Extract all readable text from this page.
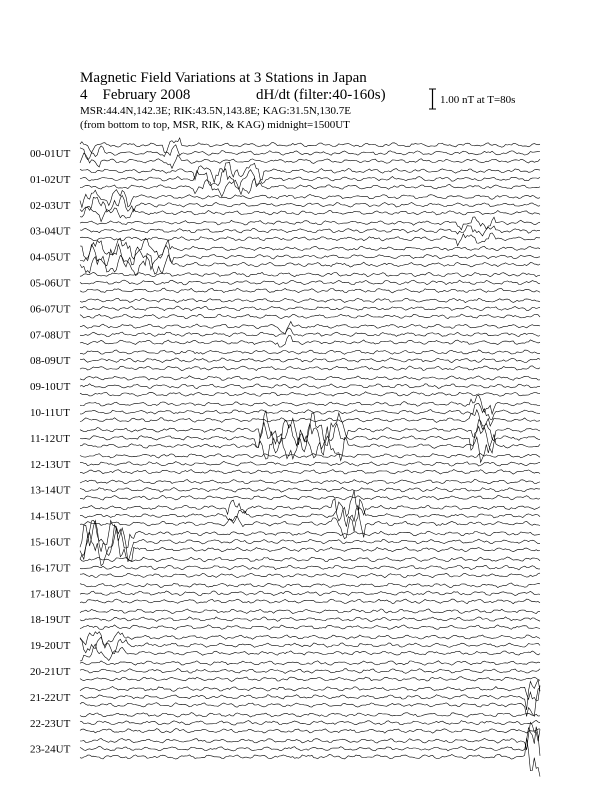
Magnetic Field Variations at 3 Stations in Japan
4    February 2008	dH/dt (filter:40-160s)
MSR:44.4N,142.3E; RIK:43.5N,143.8E; KAG:31.5N,130.7E
(from bottom to top, MSR, RIK, & KAG) midnight=1500UT
1.00 nT at T=80s
00-01UT
01-02UT
02-03UT
03-04UT
04-05UT
05-06UT
06-07UT
07-08UT
08-09UT
09-10UT
10-11UT
11-12UT
12-13UT
13-14UT
14-15UT
15-16UT
16-17UT
17-18UT
18-19UT
19-20UT
20-21UT
21-22UT
22-23UT
23-24UT
